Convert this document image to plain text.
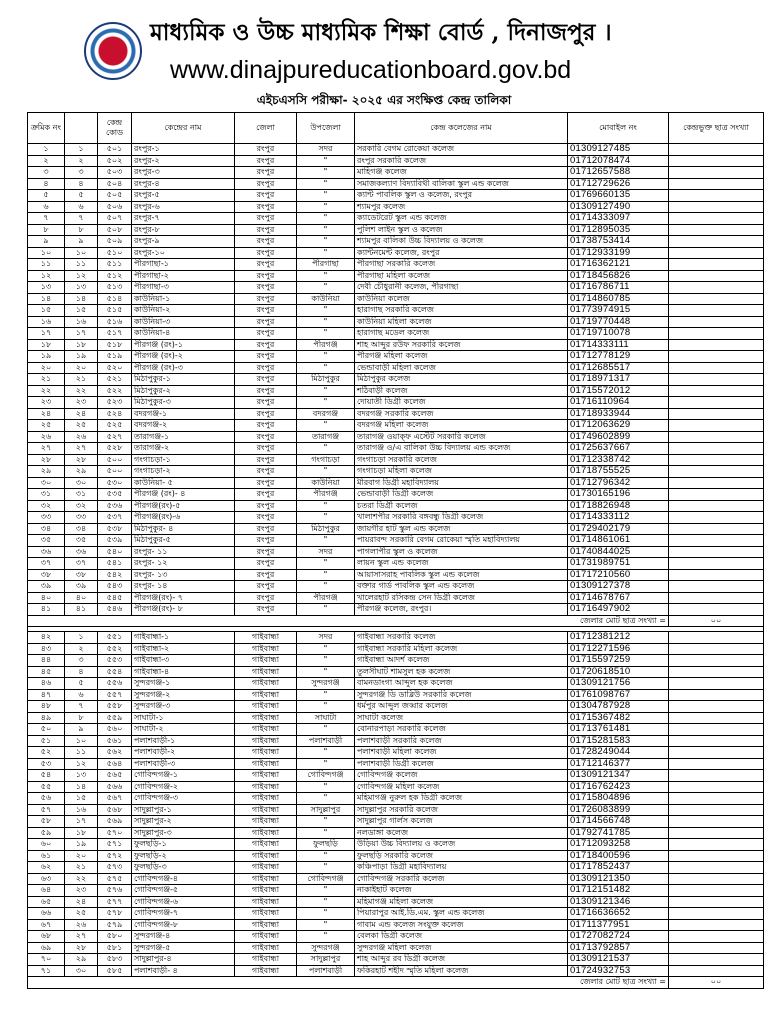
মাধ্যমিক ও উচ্চ মাধ্যমিক শিক্ষা বোর্ড , দিনাজপুর ।
www.dinajpureducationboard.gov.bd
এইচএসসি পরীক্ষা- ২০২৫ এর সংক্ষিপ্ত কেন্দ্র তালিকা
ক্রমিক নং		কেন্দ্র কোড	কেন্দ্রের নাম	জেলা	উপজেলা	কেন্দ্র কলেজের নাম	মোবাইল নং	কেন্দ্রভুক্ত ছাত্র সংখ্যা
১	১	৫০১	রংপুর-১	রংপুর	সদর	সরকারি বেগম রোকেয়া কলেজ	01309127485	
২	২	৫০২	রংপুর-২	রংপুর	"	রংপুর সরকারি কলেজ	01712078474	
৩	৩	৫০৩	রংপুর-৩	রংপুর	"	মাহিগঞ্জ কলেজ	01712657588	
৪	৪	৫০৪	রংপুর-৪	রংপুর	"	সমাজকল্যাণ বিদ্যাবিথী বালিকা স্কুল এন্ড কলেজ	01712729626	
৫	৫	৫০৫	রংপুর-৫	রংপুর	"	ক্যান্ট পাবলিক স্কুল ও কলেজ, রংপুর	01769660135	
৬	৬	৫০৬	রংপুর-৬	রংপুর	"	শ্যামপুর কলেজ	01309127490	
৭	৭	৫০৭	রংপুর-৭	রংপুর	"	ক্যাডেটরেট স্কুল এন্ড কলেজ	01714333097	
৮	৮	৫০৮	রংপুর-৮	রংপুর	"	পুলিশ লাইন স্কুল ও কলেজ	01712895035	
৯	৯	৫০৯	রংপুর-৯	রংপুর	"	শ্যামপুর বালিকা উচ্চ বিদ্যালয় ও কলেজ	01738753414	
১০	১০	৫১০	রংপুর-১০	রংপুর	"	ক্যান্টনমেন্ট কলেজ, রংপুর	01712933199	
১১	১১	৫১১	পীরগাছা-১	রংপুর	পীরগাছা	পীরগাছা সরকারি কলেজ	01716362121	
১২	১২	৫১২	পীরগাছা-২	রংপুর	"	পীরগাছা মহিলা কলেজ	01718456826	
১৩	১৩	৫১৩	পীরগাছা-৩	রংপুর	"	দেবী চৌধুরানী কলেজ, পীরগাছা	01716786711	
১৪	১৪	৫১৪	কাউনিয়া-১	রংপুর	কাউনিয়া	কাউনিয়া কলেজ	01714860785	
১৫	১৫	৫১৫	কাউনিয়া-২	রংপুর	"	হারাগাছ সরকারি কলেজ	01773974915	
১৬	১৬	৫১৬	কাউনিয়া-৩	রংপুর	"	কাউনিয়া মহিলা কলেজ	01719770448	
১৭	১৭	৫১৭	কাউনিয়া-৪	রংপুর	"	হারাগাছ মডেল কলেজ	01719710078	
১৮	১৮	৫১৮	পীরগঞ্জ (রং)-১	রংপুর	পীরগঞ্জ	শাহ আব্দুর রউফ সরকারি কলেজ	01714333111	
১৯	১৯	৫১৯	পীরগঞ্জ (রং)-২	রংপুর	"	পীরগঞ্জ মহিলা কলেজ	01712778129	
২০	২০	৫২০	পীরগঞ্জ (রং)-৩	রংপুর	"	ভেন্ডাবাড়ী মহিলা কলেজ	01712685517	
২১	২১	৫২১	মিঠাপুকুর-১	রংপুর	মিঠাপুকুর	মিঠাপুকুর কলেজ	01718971317	
২২	২২	৫২২	মিঠাপুকুর-২	রংপুর	"	শঠিবাড়ী কলেজ	01715572012	
২৩	২৩	৫২৩	মিঠাপুকুর-৩	রংপুর	"	দোয়াতী ডিগ্রী কলেজ	01716110964	
২৪	২৪	৫২৪	বদরগঞ্জ-১	রংপুর	বদরগঞ্জ	বদরগঞ্জ সরকারি কলেজ	01718933944	
২৫	২৫	৫২৫	বদরগঞ্জ-২	রংপুর	"	বদরগঞ্জ মহিলা কলেজ	01712063629	
২৬	২৬	৫২৭	তারাগঞ্জ-১	রংপুর	তারাগঞ্জ	তারাগঞ্জ ওয়াক্ফ এস্টেট সরকারি কলেজ	01749602899	
২৭	২৭	৫২৮	তারাগঞ্জ-২	রংপুর	"	তারাগঞ্জ ও/এ বালিকা উচ্চ বিদ্যালয় এন্ড কলেজ	01725637667	
২৮	২৮	৫০০	গংগাচড়া-১	রংপুর	গংগাচড়া	গংগাচড়া সরকারি কলেজ	01712338742	
২৯	২৯	৫০০	গংগাচড়া-২	রংপুর	"	গংগাচড়া মহিলা কলেজ	01718755525	
৩০	৩০	৫৩০	কাউনিয়া- ৫	রংপুর	কাউনিয়া	মীরবাগ ডিগ্রী মহাবিদ্যালয়	01712796342	
৩১	৩১	৫৩৫	পীরগঞ্জ (রং)- ৪	রংপুর	পীরগঞ্জ	ভেন্ডাবাড়ী ডিগ্রী কলেজ	01730165196	
৩২	৩২	৫৩৬	পীরগঞ্জ(রং)-৫	রংপুর	"	চতরা ডিগ্রী কলেজ	01718826948	
৩৩	৩৩	৫৩৭	পীরগঞ্জ(রং)-৬	রংপুর	"	খালাশপীর সরকারি বঙ্গবন্ধু ডিগ্রী কলেজ	01714333112	
৩৪	৩৪	৫৩৮	মিঠাপুকুর- ৪	রংপুর	মিঠাপুকুর	জায়গীর হাট স্কুল এন্ড কলেজ	01729402179	
৩৫	৩৫	৫৩৯	মিঠাপুকুর-৫	রংপুর	"	পায়রাবন্দ সরকারি বেগম রোকেয়া স্মৃতি মহাবিদ্যালয়	01714861061	
৩৬	৩৬	৫৪০	রংপুর- ১১	রংপুর	সদর	পাগলাপীর স্কুল ও কলেজ	01740844025	
৩৭	৩৭	৫৪১	রংপুর- ১২	রংপুর	"	লায়ন স্কুল এন্ড কলেজ	01731989751	
৩৮	৩৮	৫৪২	রংপুর- ১৩	রংপুর	"	আয়াসাসরাহ পাবলিক স্কুল এন্ড কলেজ	01717210560	
৩৯	৩৯	৫৪৩	রংপুর- ১৪	রংপুর	"	বক্তার গার্ড পাবলিক স্কুল এন্ড কলেজ	01309127378	
৪০	৪০	৫৪৫	পীরগঞ্জ(রং)- ৭	রংপুর	পীরগঞ্জ	খালেরহাট রসিকন্দ্র সেন ডিগ্রী কলেজ	01714678767	
৪১	৪১	৫৪৬	পীরগঞ্জ(রং)- ৮	রংপুর	"	পীরগঞ্জ কলেজ, রংপুর।	01716497902	
জেলার মোট ছাত্র সংখ্যা =								০০

৪২	১	৫৫১	গাইবান্ধা-১	গাইবান্ধা	সদর	গাইবান্ধা সরকারি কলেজ	01712381212	
৪৩	২	৫৫২	গাইবান্ধা-২	গাইবান্ধা	"	গাইবান্ধা সরকারি মহিলা কলেজ	01712271596	
৪৪	৩	৫৫৩	গাইবান্ধা-৩	গাইবান্ধা	"	গাইবান্ধা আদর্শ কলেজ	01715597259	
৪৫	৪	৫৫৪	গাইবান্ধা-৪	গাইবান্ধা	"	তুলসীঘাট শামসুল হক কলেজ	01720618510	
৪৬	৫	৫৫৬	সুন্দরগঞ্জ-১	গাইবান্ধা	সুন্দরগঞ্জ	বামনডাংগা আব্দুল হক কলেজ	01309121756	
৪৭	৬	৫৫৭	সুন্দরগঞ্জ-২	গাইবান্ধা	"	সুন্দরগঞ্জ ডি ডাব্লিউ সরকারি কলেজ	01761098767	
৪৮	৭	৫৫৮	সুন্দরগঞ্জ-৩	গাইবান্ধা	"	ধর্মপুর আব্দুল জব্বার কলেজ	01304787928	
৪৯	৮	৫৫৯	সাঘাটা-১	গাইবান্ধা	সাঘাটা	সাঘাটা কলেজ	01715367482	
৫০	৯	৫৬০	সাঘাটা-২	গাইবান্ধা	"	বোনারপাড়া সরকারি কলেজ	01713761481	
৫১	১০	৫৬১	পলাশবাড়ী-১	গাইবান্ধা	পলাশবাড়ী	পলাশবাড়ী সরকারি কলেজ	01715281583	
৫২	১১	৫৬২	পলাশবাড়ী-২	গাইবান্ধা	"	পলাশবাড়ী মহিলা কলেজ	01728249044	
৫৩	১২	৫৬৪	পলাশবাড়ী-৩	গাইবান্ধা	"	পলাশবাড়ী ডিগ্রী কলেজ	01712146377	
৫৪	১৩	৫৬৫	গোবিন্দগঞ্জ-১	গাইবান্ধা	গোবিন্দগঞ্জ	গোবিন্দগঞ্জ কলেজ	01309121347	
৫৫	১৪	৫৬৬	গোবিন্দগঞ্জ-২	গাইবান্ধা	"	গোবিন্দগঞ্জ মহিলা কলেজ	01716762423	
৫৬	১৫	৫৬৭	গোবিন্দগঞ্জ-৩	গাইবান্ধা	"	মহিমাগঞ্জ নুরুল হক ডিগ্রী কলেজ	01715804896	
৫৭	১৬	৫৬৮	সাদুল্লাপুর-১	গাইবান্ধা	সাদুল্লাপুর	সাদুল্লাপুর সরকারি কলেজ	01726083899	
৫৮	১৭	৫৬৯	সাদুল্লাপুর-২	গাইবান্ধা	"	সাদুল্লাপুর গার্লস কলেজ	01714566748	
৫৯	১৮	৫৭০	সাদুল্লাপুর-৩	গাইবান্ধা	"	নলডাঙ্গা কলেজ	01792741785	
৬০	১৯	৫৭১	ফুলছড়ি-১	গাইবান্ধা	ফুলছড়ি	উড়িয়া উচ্চ বিদ্যালয় ও কলেজ	01712093258	
৬১	২০	৫৭২	ফুলছড়ি-২	গাইবান্ধা	"	ফুলছড়ি সরকারি কলেজ	01718400596	
৬২	২১	৫৭৩	ফুলছড়ি-৩	গাইবান্ধা	"	কঞ্চিপাড়া ডিগ্রী মহাবিদ্যালয়	01717852437	
৬৩	২২	৫৭৫	গোবিন্দগঞ্জ-৪	গাইবান্ধা	গোবিন্দগঞ্জ	গোবিন্দগঞ্জ সরকারি কলেজ	01309121350	
৬৪	২৩	৫৭৬	গোবিন্দগঞ্জ-৫	গাইবান্ধা	"	নাকাইহাট কলেজ	01712151482	
৬৫	২৪	৫৭৭	গোবিন্দগঞ্জ-৬	গাইবান্ধা	"	মহিমাগঞ্জ মহিলা কলেজ	01309121346	
৬৬	২৫	৫৭৮	গোবিন্দগঞ্জ-৭	গাইবান্ধা	"	পিয়ারাপুর আই.ডি.এম. স্কুল এন্ড কলেজ	01716636652	
৬৭	২৬	৫৭৯	গোবিন্দগঞ্জ-৮	গাইবান্ধা	"	গাবাম এন্ড কলেজ সংযুক্ত কলেজ	01711377951	
৬৮	২৭	৫৮০	সুন্দরগঞ্জ-৪	গাইবান্ধা	"	বেলকা ডিগ্রী কলেজ	01727082724	
৬৯	২৮	৫৮১	সুন্দরগঞ্জ-৫	গাইবান্ধা	সুন্দরগঞ্জ	সুন্দরগঞ্জ মহিলা কলেজ	01713792857	
৭০	২৯	৫৮৩	সাদুল্লাপুর-৪	গাইবান্ধা	সাদুল্লাপুর	শাহ আব্দুর রব ডিগ্রী কলেজ	01309121537	
৭১	৩০	৫৮৫	পলাশবাড়ী- ৪	গাইবান্ধা	পলাশবাড়ী	ফকিরহাট শহীদ স্মৃতি মহিলা কলেজ	01724932753	
জেলার মোট ছাত্র সংখ্যা =								০০
